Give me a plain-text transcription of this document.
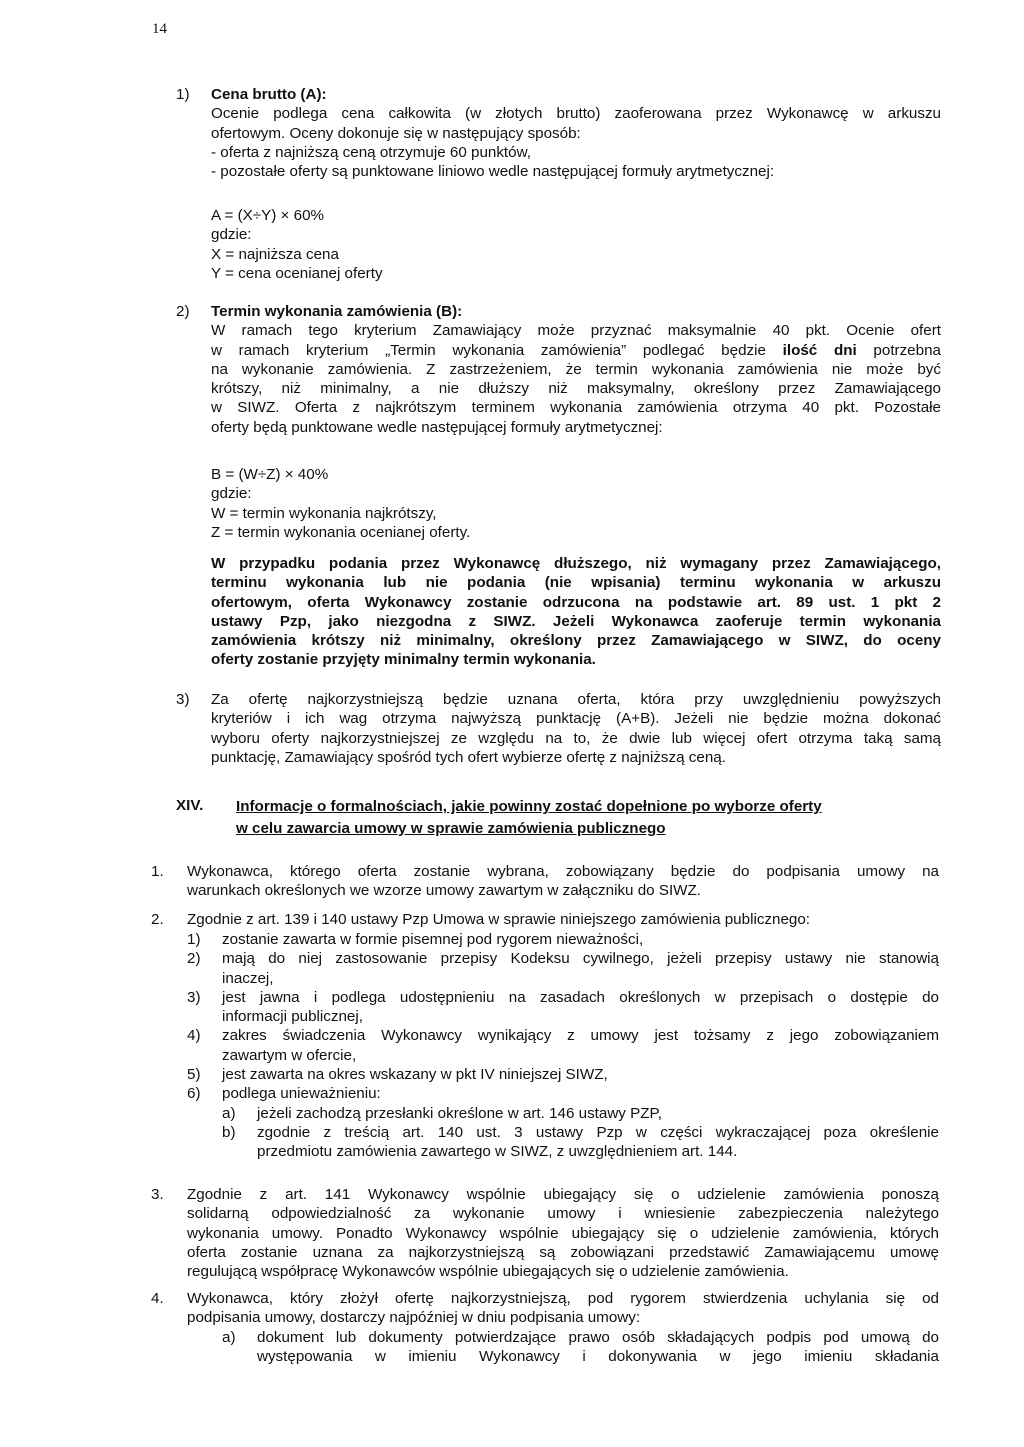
14
1) Cena brutto (A):
Ocenie podlega cena całkowita (w złotych brutto) zaoferowana przez Wykonawcę w arkuszu
ofertowym. Oceny dokonuje się w następujący sposób:
- oferta z najniższą ceną otrzymuje 60 punktów,
- pozostałe oferty są punktowane liniowo wedle następującej formuły arytmetycznej:
A = (X÷Y) × 60%
gdzie:
X = najniższa cena
Y = cena ocenianej oferty
2) Termin wykonania zamówienia (B):
W ramach tego kryterium Zamawiający może przyznać maksymalnie 40 pkt. Ocenie ofert
w ramach kryterium „Termin wykonania zamówienia” podlegać będzie ilość dni potrzebna
na wykonanie zamówienia. Z zastrzeżeniem, że termin wykonania zamówienia nie może być
krótszy, niż minimalny, a nie dłuższy niż maksymalny, określony przez Zamawiającego
w SIWZ. Oferta z najkrótszym terminem wykonania zamówienia otrzyma 40 pkt. Pozostałe
oferty będą punktowane wedle następującej formuły arytmetycznej:
B = (W÷Z) × 40%
gdzie:
W = termin wykonania najkrótszy,
Z = termin wykonania ocenianej oferty.
W przypadku podania przez Wykonawcę dłuższego, niż wymagany przez Zamawiającego,
terminu wykonania lub nie podania (nie wpisania) terminu wykonania w arkuszu
ofertowym, oferta Wykonawcy zostanie odrzucona na podstawie art. 89 ust. 1 pkt 2
ustawy Pzp, jako niezgodna z SIWZ. Jeżeli Wykonawca zaoferuje termin wykonania
zamówienia krótszy niż minimalny, określony przez Zamawiającego w SIWZ, do oceny
oferty zostanie przyjęty minimalny termin wykonania.
3) Za ofertę najkorzystniejszą będzie uznana oferta, która przy uwzględnieniu powyższych
kryteriów i ich wag otrzyma najwyższą punktację (A+B). Jeżeli nie będzie można dokonać
wyboru oferty najkorzystniejszej ze względu na to, że dwie lub więcej ofert otrzyma taką samą
punktację, Zamawiający spośród tych ofert wybierze ofertę z najniższą ceną.
XIV. Informacje o formalnościach, jakie powinny zostać dopełnione po wyborze oferty
w celu zawarcia umowy w sprawie zamówienia publicznego
1. Wykonawca, którego oferta zostanie wybrana, zobowiązany będzie do podpisania umowy na
warunkach określonych we wzorze umowy zawartym w załączniku do SIWZ.
2. Zgodnie z art. 139 i 140 ustawy Pzp Umowa w sprawie niniejszego zamówienia publicznego:
1) zostanie zawarta w formie pisemnej pod rygorem nieważności,
2) mają do niej zastosowanie przepisy Kodeksu cywilnego, jeżeli przepisy ustawy nie stanowią
inaczej,
3) jest jawna i podlega udostępnieniu na zasadach określonych w przepisach o dostępie do
informacji publicznej,
4) zakres świadczenia Wykonawcy wynikający z umowy jest tożsamy z jego zobowiązaniem
zawartym w ofercie,
5) jest zawarta na okres wskazany w pkt IV niniejszej SIWZ,
6) podlega unieważnieniu:
a) jeżeli zachodzą przesłanki określone w art. 146 ustawy PZP,
b) zgodnie z treścią art. 140 ust. 3 ustawy Pzp w części wykraczającej poza określenie
przedmiotu zamówienia zawartego w SIWZ, z uwzględnieniem art. 144.
3. Zgodnie z art. 141 Wykonawcy wspólnie ubiegający się o udzielenie zamówienia ponoszą
solidarną odpowiedzialność za wykonanie umowy i wniesienie zabezpieczenia należytego
wykonania umowy. Ponadto Wykonawcy wspólnie ubiegający się o udzielenie zamówienia, których
oferta zostanie uznana za najkorzystniejszą są zobowiązani przedstawić Zamawiającemu umowę
regulującą współpracę Wykonawców wspólnie ubiegających się o udzielenie zamówienia.
4. Wykonawca, który złożył ofertę najkorzystniejszą, pod rygorem stwierdzenia uchylania się od
podpisania umowy, dostarczy najpóźniej w dniu podpisania umowy:
a) dokument lub dokumenty potwierdzające prawo osób składających podpis pod umową do
występowania w imieniu Wykonawcy i dokonywania w jego imieniu składania
